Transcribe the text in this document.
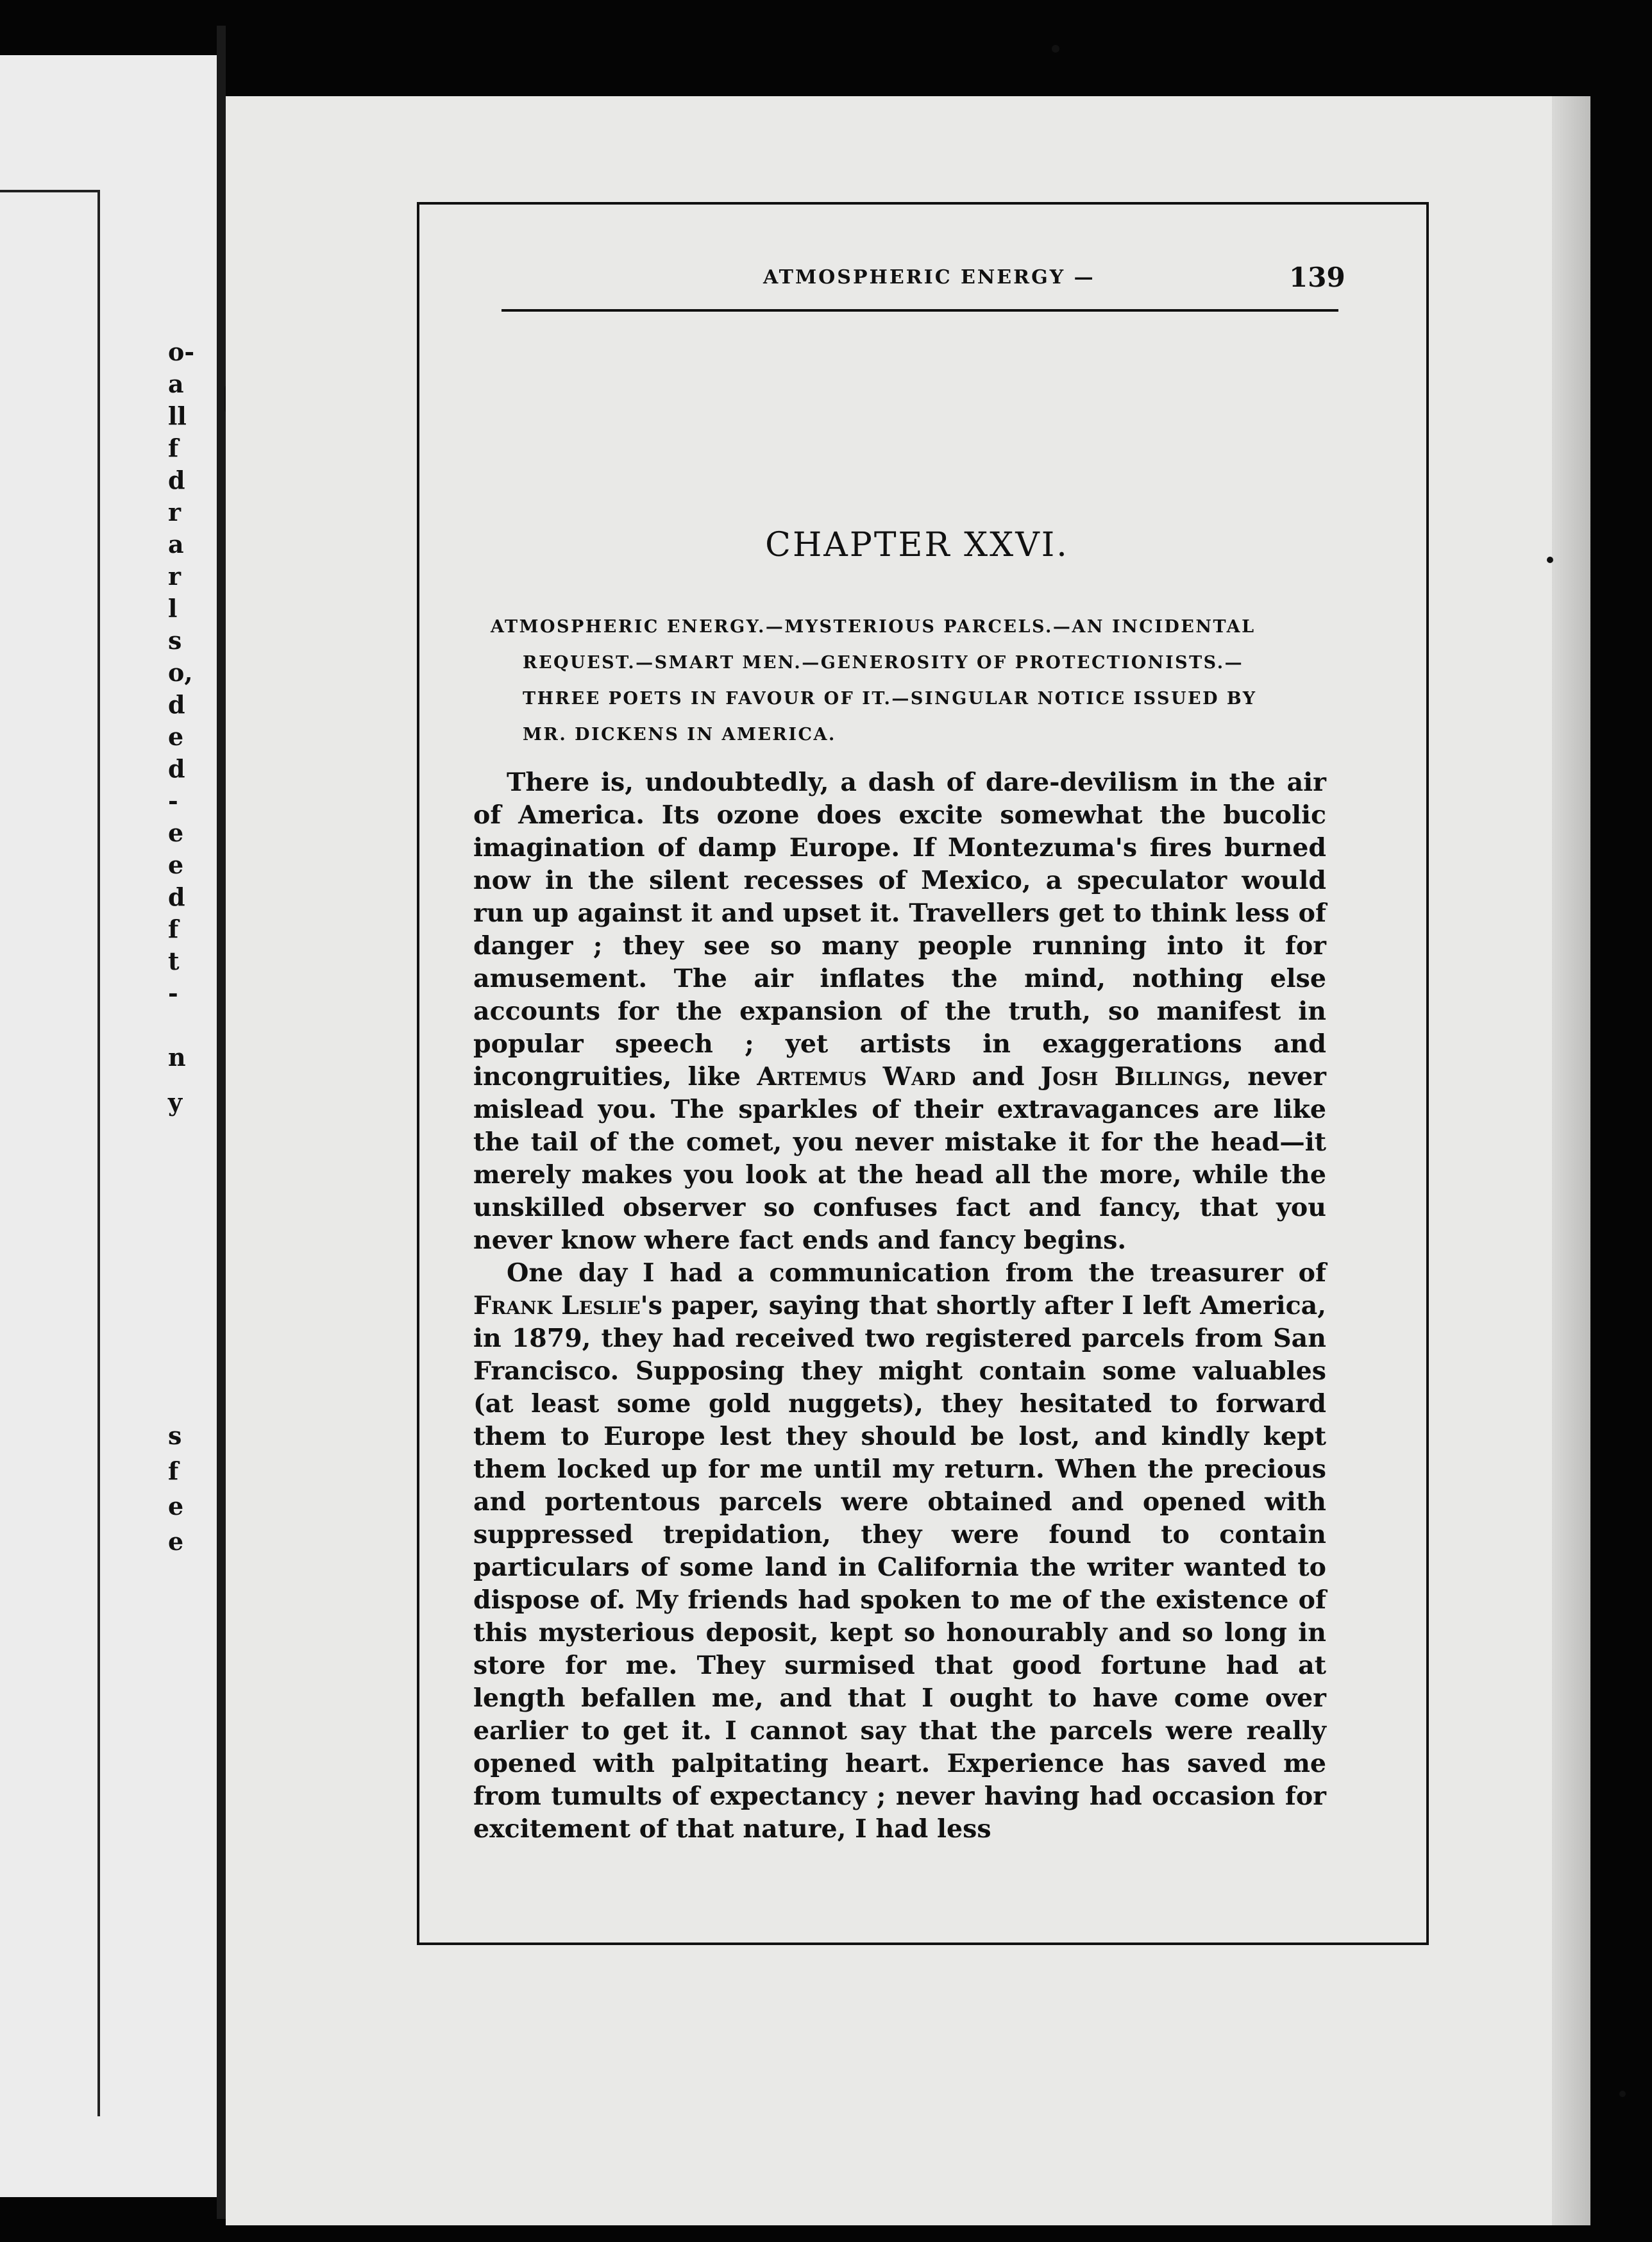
o-
a
ll
f
d
r
a
r
l
s
o,
d
e
d
-
e
e
d
f
t
-
n
y
s
f
e
e
ATMOSPHERIC ENERGY —	139
CHAPTER XXVI.
ATMOSPHERIC ENERGY.—MYSTERIOUS PARCELS.—AN INCIDENTAL
REQUEST.—SMART MEN.—GENEROSITY OF PROTECTIONISTS.—
THREE POETS IN FAVOUR OF IT.—SINGULAR NOTICE ISSUED BY
MR. DICKENS IN AMERICA.

There is, undoubtedly, a dash of dare-devilism in the air of America. Its ozone does excite somewhat the bucolic imagination of damp Europe. If Montezuma's fires burned now in the silent recesses of Mexico, a speculator would run up against it and upset it. Travellers get to think less of danger ; they see so many people running into it for amusement. The air inflates the mind, nothing else accounts for the expansion of the truth, so manifest in popular speech ; yet artists in exaggerations and incongruities, like Artemus Ward and Josh Billings, never mislead you. The sparkles of their extravagances are like the tail of the comet, you never mistake it for the head—it merely makes you look at the head all the more, while the unskilled observer so confuses fact and fancy, that you never know where fact ends and fancy begins.

One day I had a communication from the treasurer of Frank Leslie's paper, saying that shortly after I left America, in 1879, they had received two registered parcels from San Francisco. Supposing they might contain some valuables (at least some gold nuggets), they hesitated to forward them to Europe lest they should be lost, and kindly kept them locked up for me until my return. When the precious and portentous parcels were obtained and opened with suppressed trepidation, they were found to contain particulars of some land in California the writer wanted to dispose of. My friends had spoken to me of the existence of this mysterious deposit, kept so honourably and so long in store for me. They surmised that good fortune had at length befallen me, and that I ought to have come over earlier to get it. I cannot say that the parcels were really opened with palpitating heart. Experience has saved me from tumults of expectancy ; never having had occasion for excitement of that nature, I had less
